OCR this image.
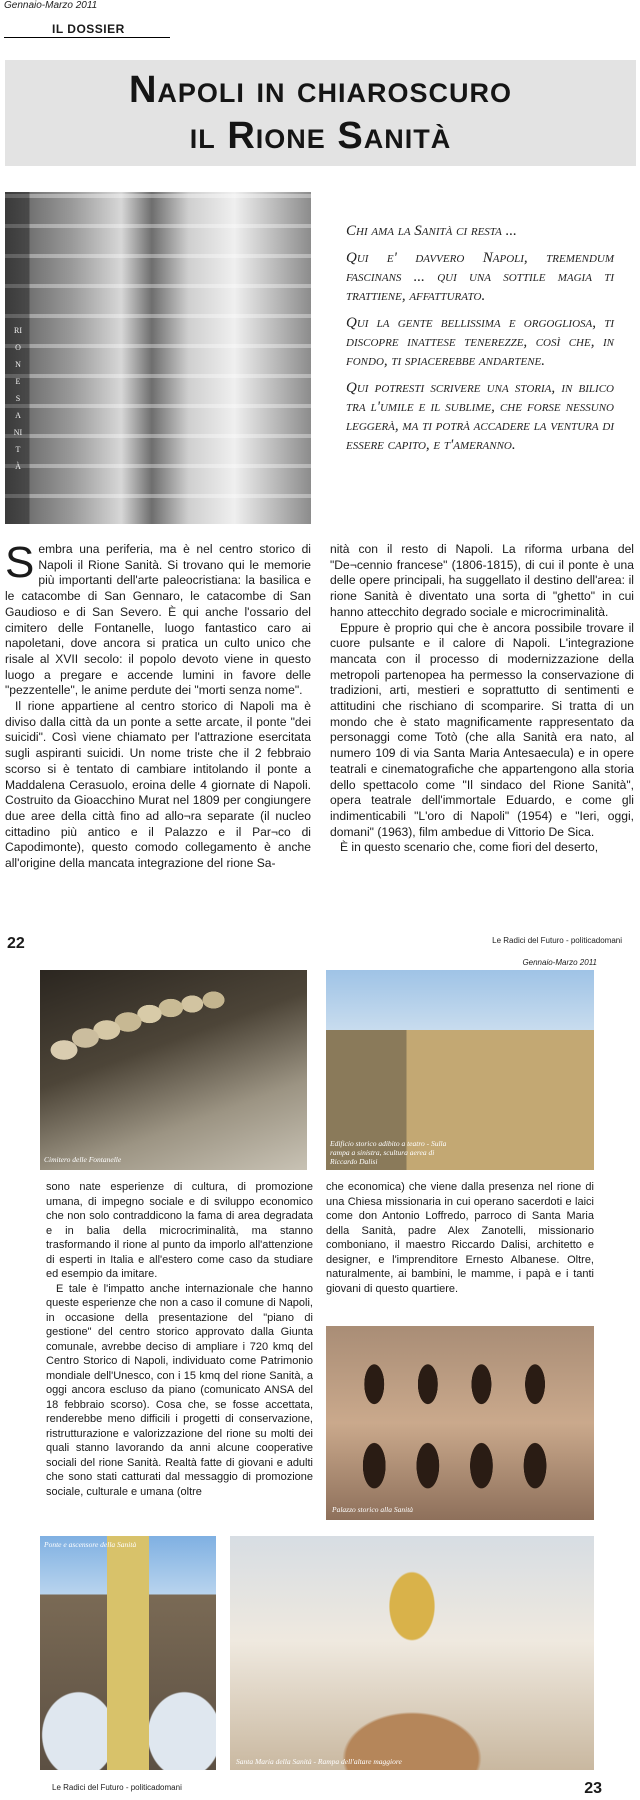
Gennaio-Marzo 2011
IL DOSSIER
Napoli in chiaroscuro
il Rione Sanità
RIONE SANITÀ

Chi ama la Sanità ci resta ...

Qui e' davvero Napoli, tremendum fascinans ... qui una sottile magia ti trattiene, affatturato.

Qui la gente bellissima e orgogliosa, ti discopre inattese tenerezze, così che, in fondo, ti spiacerebbe andartene.

Qui potresti scrivere una storia, in bilico tra l'umile e il sublime, che forse nessuno leggerà, ma ti potrà accadere la ventura di essere capito, e t'ameranno.

Sembra una periferia, ma è nel centro storico di Napoli il Rione Sanità. Si trovano qui le memorie più importanti dell'arte paleocristiana: la basilica e le catacombe di San Gennaro, le catacombe di San Gaudioso e di San Severo. È qui anche l'ossario del cimitero delle Fontanelle, luogo fantastico caro ai napoletani, dove ancora si pratica un culto unico che risale al XVII secolo: il popolo devoto viene in questo luogo a pregare e accende lumini in favore delle "pezzentelle", le anime perdute dei "morti senza nome".

Il rione appartiene al centro storico di Napoli ma è diviso dalla città da un ponte a sette arcate, il ponte "dei suicidi". Così viene chiamato per l'attrazione esercitata sugli aspiranti suicidi. Un nome triste che il 2 febbraio scorso si è tentato di cambiare intitolando il ponte a Maddalena Cerasuolo, eroina delle 4 giornate di Napoli. Costruito da Gioacchino Murat nel 1809 per congiungere due aree della città fino ad allo¬ra separate (il nucleo cittadino più antico e il Palazzo e il Par¬co di Capodimonte), questo comodo collegamento è anche all'origine della mancata integrazione del rione Sa-

nità con il resto di Napoli. La riforma urbana del "De¬cennio francese" (1806-1815), di cui il ponte è una delle opere principali, ha suggellato il destino dell'area: il rione Sanità è diventato una sorta di "ghetto" in cui hanno attecchito degrado sociale e microcriminalità.

Eppure è proprio qui che è ancora possibile trovare il cuore pulsante e il calore di Napoli. L'integrazione mancata con il processo di modernizzazione della metropoli partenopea ha permesso la conservazione di tradizioni, arti, mestieri e soprattutto di sentimenti e attitudini che rischiano di scomparire. Si tratta di un mondo che è stato magnificamente rappresentato da personaggi come Totò (che alla Sanità era nato, al numero 109 di via Santa Maria Antesaecula) e in opere teatrali e cinematografiche che appartengono alla storia dello spettacolo come "Il sindaco del Rione Sanità", opera teatrale dell'immortale Eduardo, e come gli indimenticabili "L'oro di Napoli" (1954) e "Ieri, oggi, domani" (1963), film ambedue di Vittorio De Sica.

È in questo scenario che, come fiori del deserto,

22	Le Radici del Futuro - politicadomani
Gennaio-Marzo 2011
Cimitero delle Fontanelle
Edificio storico adibito a teatro - Sulla rampa a sinistra, scultura aerea di Riccardo Dalisi

sono nate esperienze di cultura, di promozione umana, di impegno sociale e di sviluppo economico che non solo contraddicono la fama di area degradata e in balia della microcriminalità, ma stanno trasformando il rione al punto da imporlo all'attenzione di esperti in Italia e all'estero come caso da studiare ed esempio da imitare.

E tale è l'impatto anche internazionale che hanno queste esperienze che non a caso il comune di Napoli, in occasione della presentazione del "piano di gestione" del centro storico approvato dalla Giunta comunale, avrebbe deciso di ampliare i 720 kmq del Centro Storico di Napoli, individuato come Patrimonio mondiale dell'Unesco, con i 15 kmq del rione Sanità, a oggi ancora escluso da piano (comunicato ANSA del 18 febbraio scorso). Cosa che, se fosse accettata, renderebbe meno difficili i progetti di conservazione, ristrutturazione e valorizzazione del rione su molti dei quali stanno lavorando da anni alcune cooperative sociali del rione Sanità. Realtà fatte di giovani e adulti che sono stati catturati dal messaggio di promozione sociale, culturale e umana (oltre

che economica) che viene dalla presenza nel rione di una Chiesa missionaria in cui operano sacerdoti e laici come don Antonio Loffredo, parroco di Santa Maria della Sanità, padre Alex Zanotelli, missionario comboniano, il maestro Riccardo Dalisi, architetto e designer, e l'imprenditore Ernesto Albanese. Oltre, naturalmente, ai bambini, le mamme, i papà e i tanti giovani di questo quartiere.

Palazzo storico alla Sanità
Ponte e ascensore della Sanità
Santa Maria della Sanità - Rampa dell'altare maggiore
Le Radici del Futuro - politicadomani	23
